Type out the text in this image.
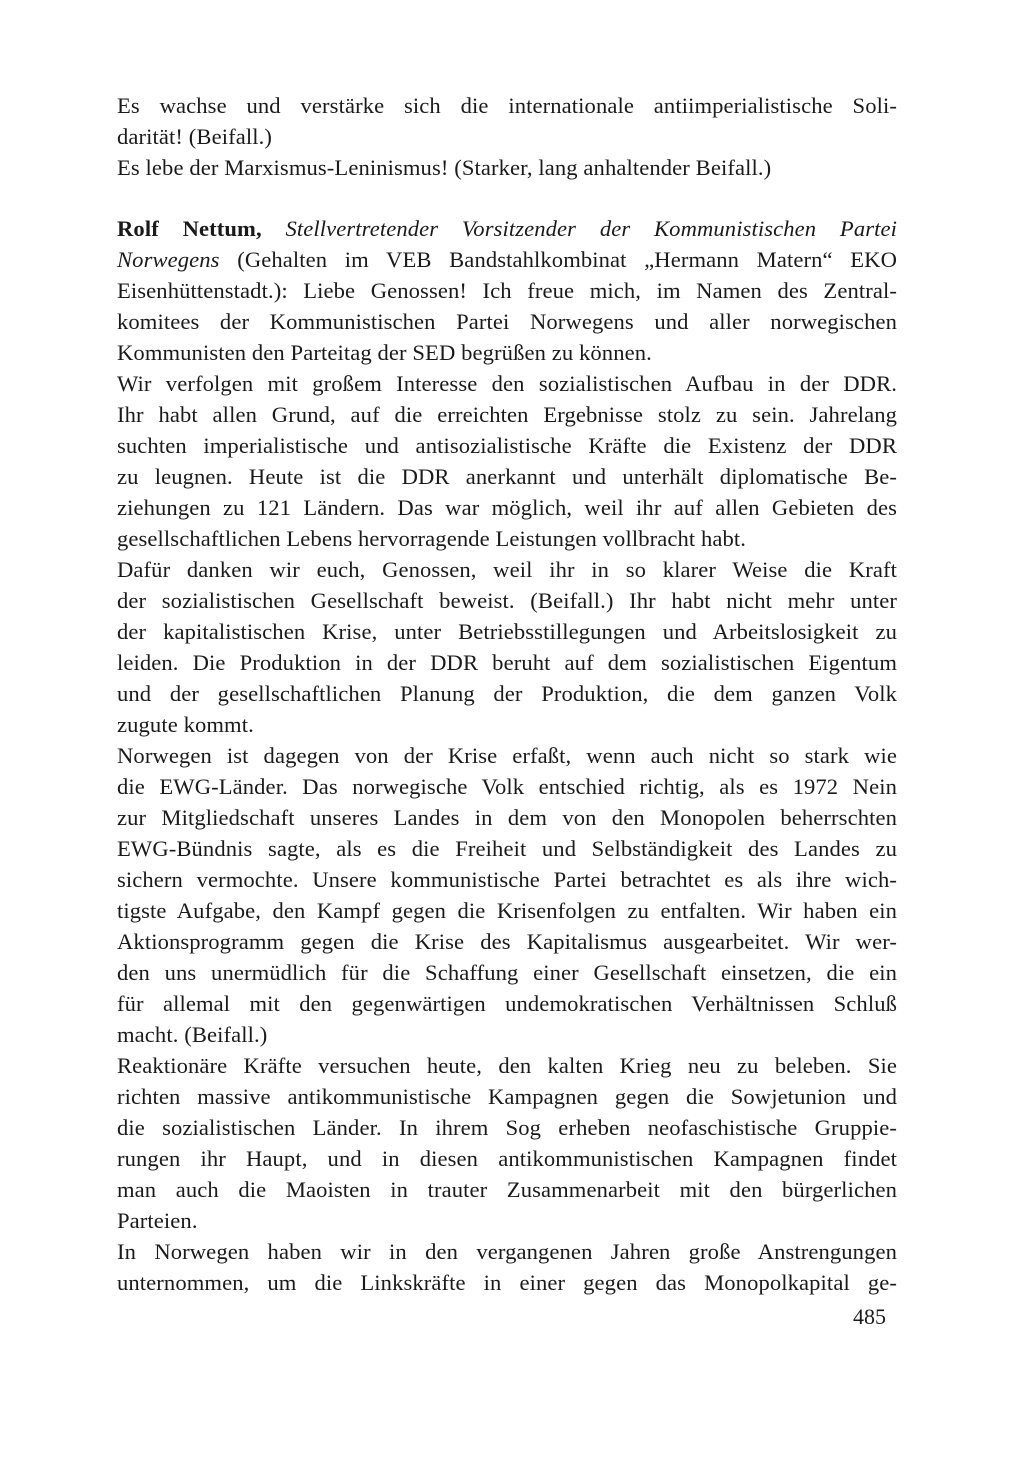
Es wachse und verstärke sich die internationale antiimperialistische Soli-
darität! (Beifall.)
Es lebe der Marxismus-Leninismus! (Starker, lang anhaltender Beifall.)
Rolf Nettum, Stellvertretender Vorsitzender der Kommunistischen Partei
Norwegens (Gehalten im VEB Bandstahlkombinat „Hermann Matern“ EKO
Eisenhüttenstadt.): Liebe Genossen! Ich freue mich, im Namen des Zentral-
komitees der Kommunistischen Partei Norwegens und aller norwegischen
Kommunisten den Parteitag der SED begrüßen zu können.
Wir verfolgen mit großem Interesse den sozialistischen Aufbau in der DDR.
Ihr habt allen Grund, auf die erreichten Ergebnisse stolz zu sein. Jahrelang
suchten imperialistische und antisozialistische Kräfte die Existenz der DDR
zu leugnen. Heute ist die DDR anerkannt und unterhält diplomatische Be-
ziehungen zu 121 Ländern. Das war möglich, weil ihr auf allen Gebieten des
gesellschaftlichen Lebens hervorragende Leistungen vollbracht habt.
Dafür danken wir euch, Genossen, weil ihr in so klarer Weise die Kraft
der sozialistischen Gesellschaft beweist. (Beifall.) Ihr habt nicht mehr unter
der kapitalistischen Krise, unter Betriebsstillegungen und Arbeitslosigkeit zu
leiden. Die Produktion in der DDR beruht auf dem sozialistischen Eigentum
und der gesellschaftlichen Planung der Produktion, die dem ganzen Volk
zugute kommt.
Norwegen ist dagegen von der Krise erfaßt, wenn auch nicht so stark wie
die EWG-Länder. Das norwegische Volk entschied richtig, als es 1972 Nein
zur Mitgliedschaft unseres Landes in dem von den Monopolen beherrschten
EWG-Bündnis sagte, als es die Freiheit und Selbständigkeit des Landes zu
sichern vermochte. Unsere kommunistische Partei betrachtet es als ihre wich-
tigste Aufgabe, den Kampf gegen die Krisenfolgen zu entfalten. Wir haben ein
Aktionsprogramm gegen die Krise des Kapitalismus ausgearbeitet. Wir wer-
den uns unermüdlich für die Schaffung einer Gesellschaft einsetzen, die ein
für allemal mit den gegenwärtigen undemokratischen Verhältnissen Schluß
macht. (Beifall.)
Reaktionäre Kräfte versuchen heute, den kalten Krieg neu zu beleben. Sie
richten massive antikommunistische Kampagnen gegen die Sowjetunion und
die sozialistischen Länder. In ihrem Sog erheben neofaschistische Gruppie-
rungen ihr Haupt, und in diesen antikommunistischen Kampagnen findet
man auch die Maoisten in trauter Zusammenarbeit mit den bürgerlichen
Parteien.
In Norwegen haben wir in den vergangenen Jahren große Anstrengungen
unternommen, um die Linkskräfte in einer gegen das Monopolkapital ge-
485
